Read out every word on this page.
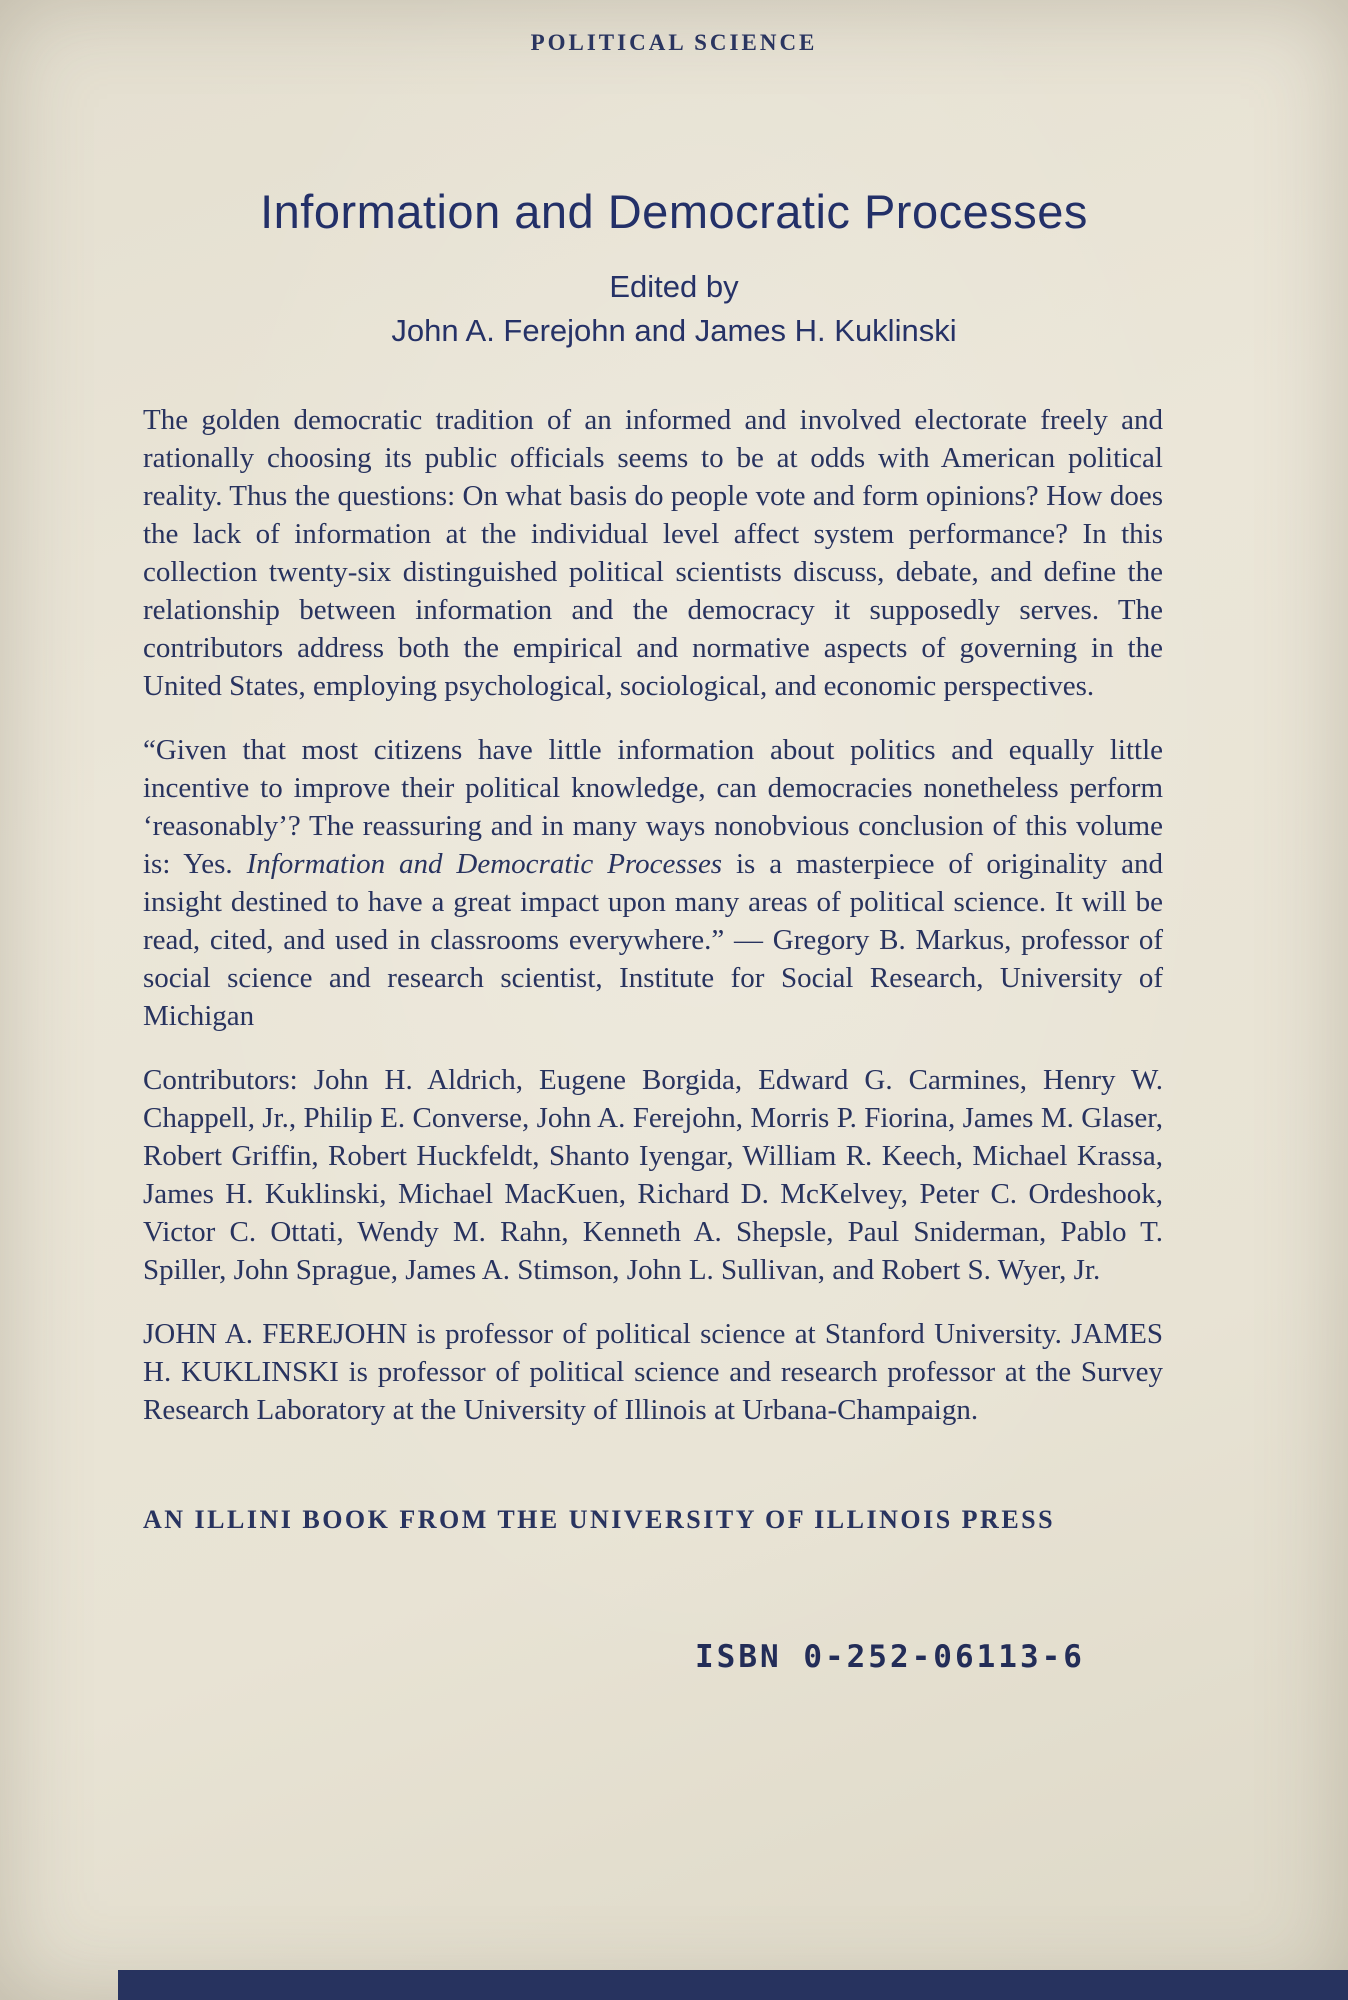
POLITICAL SCIENCE
Information and Democratic Processes
Edited by
John A. Ferejohn and James H. Kuklinski

The golden democratic tradition of an informed and involved electorate freely and rationally choosing its public officials seems to be at odds with American political reality. Thus the questions: On what basis do people vote and form opinions? How does the lack of information at the individual level affect system performance? In this collection twenty-six distinguished political scientists discuss, debate, and define the relationship between information and the democracy it supposedly serves. The contributors address both the empirical and normative aspects of governing in the United States, employing psychological, sociological, and economic perspectives.

“Given that most citizens have little information about politics and equally little incentive to improve their political knowledge, can democracies nonetheless perform ‘reasonably’? The reassuring and in many ways nonobvious conclusion of this volume is: Yes. Information and Democratic Processes is a masterpiece of originality and insight destined to have a great impact upon many areas of political science. It will be read, cited, and used in classrooms everywhere.” — Gregory B. Markus, professor of social science and research scientist, Institute for Social Research, University of Michigan

Contributors: John H. Aldrich, Eugene Borgida, Edward G. Carmines, Henry W. Chappell, Jr., Philip E. Converse, John A. Ferejohn, Morris P. Fiorina, James M. Glaser, Robert Griffin, Robert Huckfeldt, Shanto Iyengar, William R. Keech, Michael Krassa, James H. Kuklinski, Michael MacKuen, Richard D. McKelvey, Peter C. Ordeshook, Victor C. Ottati, Wendy M. Rahn, Kenneth A. Shepsle, Paul Sniderman, Pablo T. Spiller, John Sprague, James A. Stimson, John L. Sullivan, and Robert S. Wyer, Jr.

JOHN A. FEREJOHN is professor of political science at Stanford University. JAMES H. KUKLINSKI is professor of political science and research professor at the Survey Research Laboratory at the University of Illinois at Urbana-Champaign.

AN ILLINI BOOK FROM THE UNIVERSITY OF ILLINOIS PRESS
ISBN 0-252-06113-6
